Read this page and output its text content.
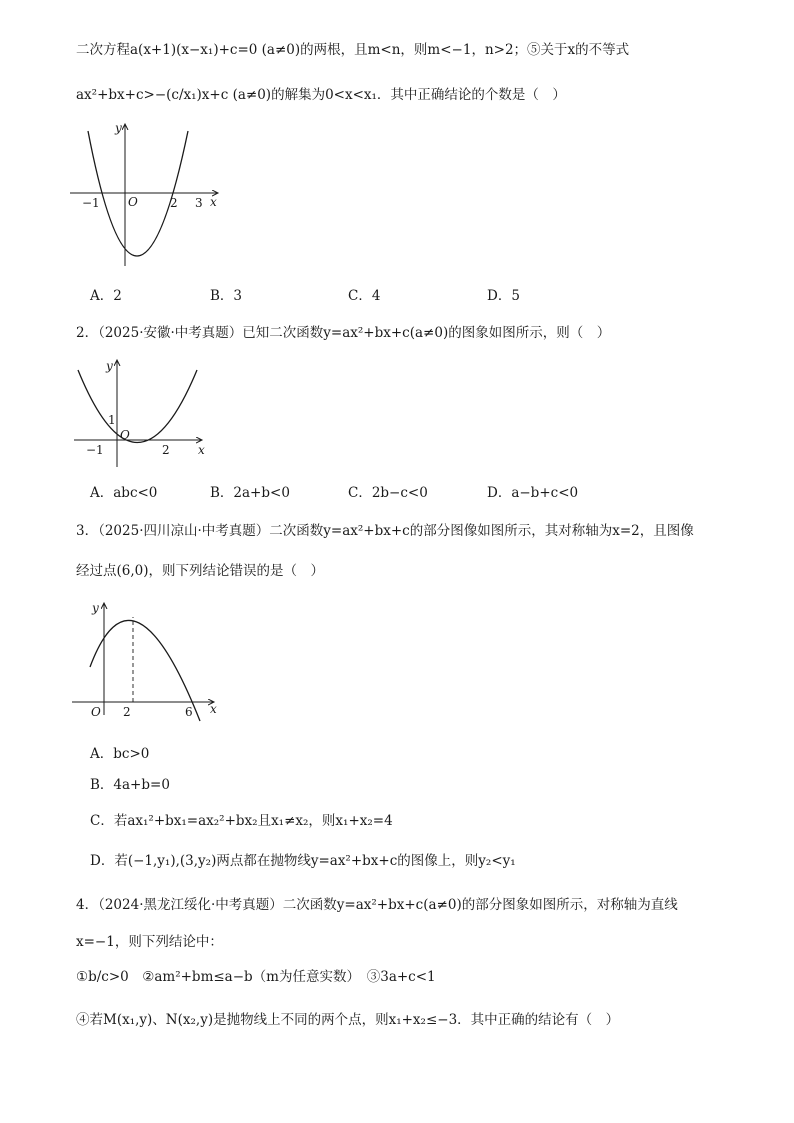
二次方程a(x+1)(x−x₁)+c=0 (a≠0)的两根，且m<n，则m<−1，n>2；⑤关于x的不等式
ax²+bx+c>−(c/x₁)x+c (a≠0)的解集为0<x<x₁．其中正确结论的个数是（　）
y
x
O
−1	2 3
A．2	B．3	C．4	D．5
2．（2025·安徽·中考真题）已知二次函数y=ax²+bx+c(a≠0)的图象如图所示，则（　）
y
x
O
1
−1	2
A．abc<0	B．2a+b<0	C．2b−c<0	D．a−b+c<0
3．（2025·四川凉山·中考真题）二次函数y=ax²+bx+c的部分图像如图所示，其对称轴为x=2，且图像
经过点(6,0)，则下列结论错误的是（　）
y
x
O 2	6
A．bc>0
B．4a+b=0
C．若ax₁²+bx₁=ax₂²+bx₂且x₁≠x₂，则x₁+x₂=4
D．若(−1,y₁),(3,y₂)两点都在抛物线y=ax²+bx+c的图像上，则y₂<y₁
4．（2024·黑龙江绥化·中考真题）二次函数y=ax²+bx+c(a≠0)的部分图象如图所示，对称轴为直线
x=−1，则下列结论中：
①b/c>0　②am²+bm≤a−b（m为任意实数）　③3a+c<1
④若M(x₁,y)、N(x₂,y)是抛物线上不同的两个点，则x₁+x₂≤−3．其中正确的结论有（　）
